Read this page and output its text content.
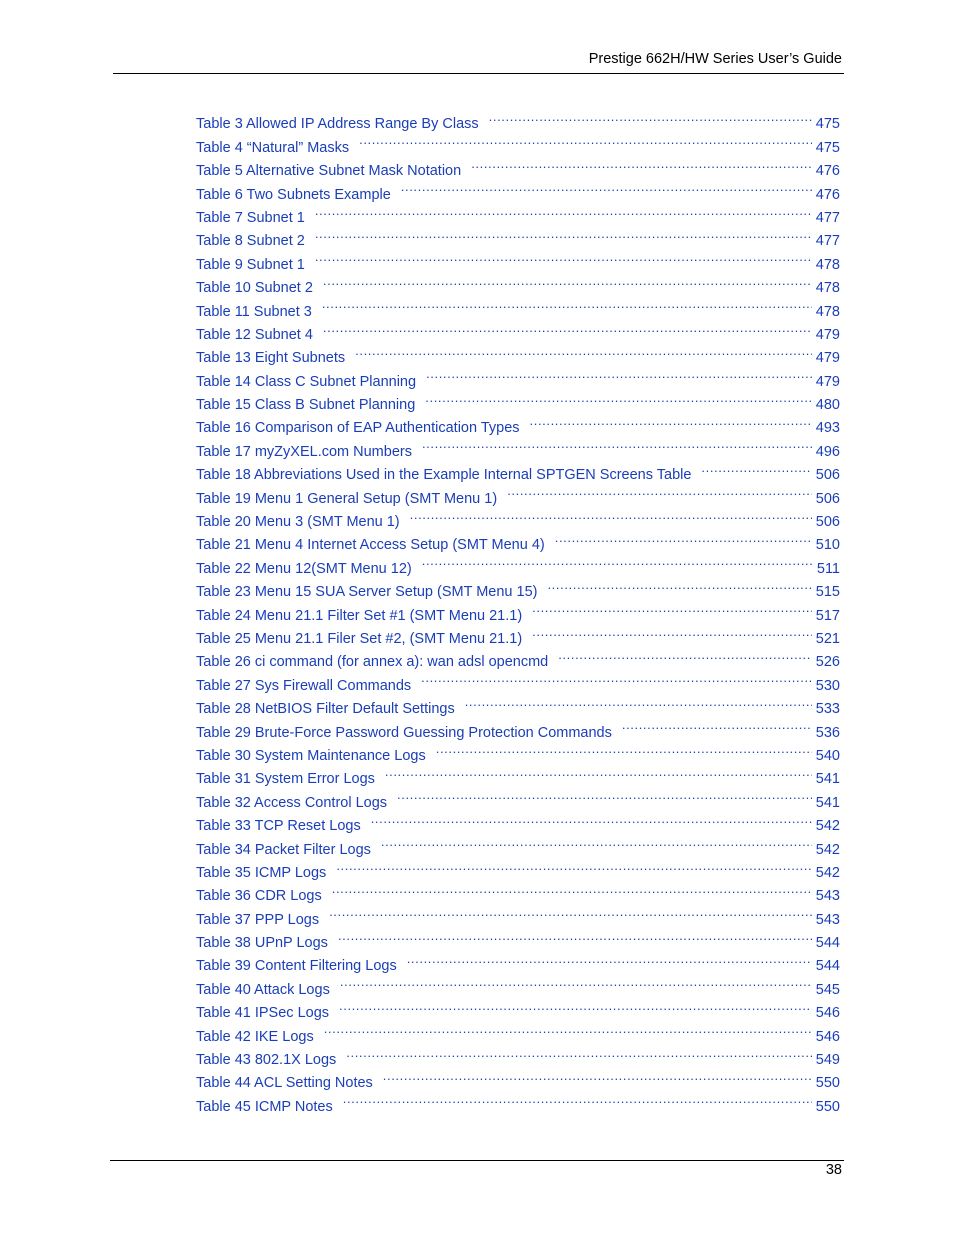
Prestige 662H/HW Series User’s Guide
Table 3 Allowed IP Address Range By Class .....	475
Table 4 “Natural” Masks .....	475
Table 5 Alternative Subnet Mask Notation .....	476
Table 6 Two Subnets Example .....	476
Table 7 Subnet 1 .....	477
Table 8 Subnet 2 .....	477
Table 9 Subnet 1 .....	478
Table 10 Subnet 2 .....	478
Table 11 Subnet 3 .....	478
Table 12 Subnet 4 .....	479
Table 13 Eight Subnets .....	479
Table 14 Class C Subnet Planning .....	479
Table 15 Class B Subnet Planning .....	480
Table 16 Comparison of EAP Authentication Types .....	493
Table 17 myZyXEL.com Numbers .....	496
Table 18 Abbreviations Used in the Example Internal SPTGEN Screens Table .....	506
Table 19 Menu 1 General Setup (SMT Menu 1) .....	506
Table 20 Menu 3 (SMT Menu 1) .....	506
Table 21 Menu 4 Internet Access Setup (SMT Menu 4) .....	510
Table 22 Menu 12(SMT Menu 12) .....	511
Table 23 Menu 15 SUA Server Setup (SMT Menu 15) .....	515
Table 24 Menu 21.1 Filter Set #1 (SMT Menu 21.1) .....	517
Table 25 Menu 21.1 Filer Set #2, (SMT Menu 21.1) .....	521
Table 26 ci command (for annex a): wan adsl opencmd .....	526
Table 27 Sys Firewall Commands .....	530
Table 28 NetBIOS Filter Default Settings .....	533
Table 29 Brute-Force Password Guessing Protection Commands .....	536
Table 30 System Maintenance Logs .....	540
Table 31 System Error Logs .....	541
Table 32 Access Control Logs .....	541
Table 33 TCP Reset Logs .....	542
Table 34 Packet Filter Logs .....	542
Table 35 ICMP Logs .....	542
Table 36 CDR Logs .....	543
Table 37 PPP Logs .....	543
Table 38 UPnP Logs .....	544
Table 39 Content Filtering Logs .....	544
Table 40 Attack Logs .....	545
Table 41 IPSec Logs .....	546
Table 42 IKE Logs .....	546
Table 43 802.1X Logs .....	549
Table 44 ACL Setting Notes .....	550
Table 45 ICMP Notes .....	550
38
